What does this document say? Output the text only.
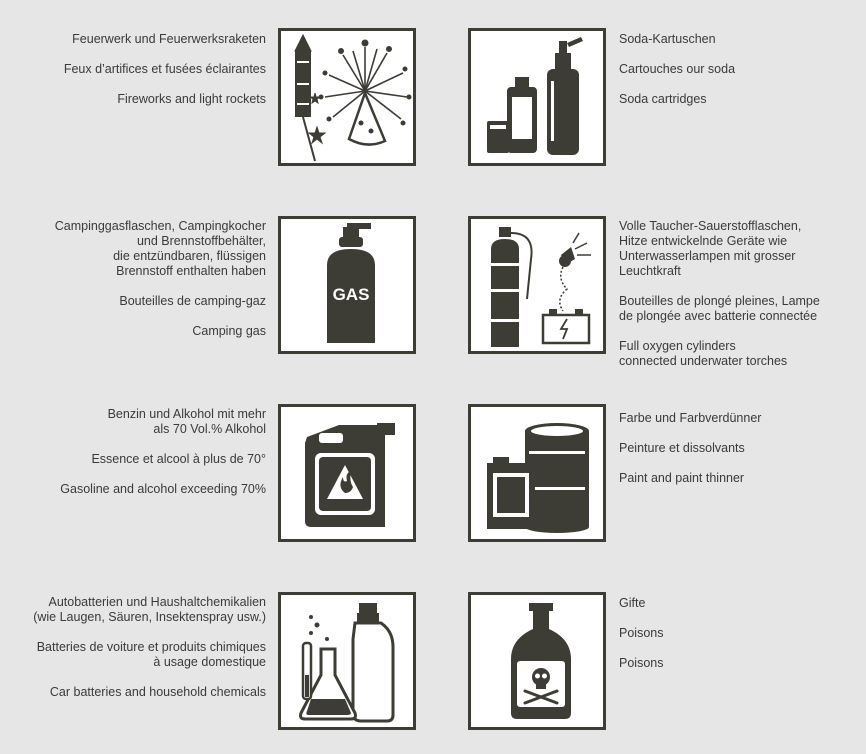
Feuerwerk und Feuerwerksraketen
Feux d’artifices et fusées éclairantes
Fireworks and light rockets
Soda-Kartuschen
Cartouches our soda
Soda cartridges
GAS
Campinggasflaschen, Campingkocher
und Brennstoffbehälter,
die entzündbaren, flüssigen
Brennstoff enthalten haben
Bouteilles de camping-gaz
Camping gas
Volle Taucher-Sauerstofflaschen,
Hitze entwickelnde Geräte wie
Unterwasserlampen mit grosser
Leuchtkraft
Bouteilles de plongé pleines, Lampe
de plongée avec batterie connectée
Full oxygen cylinders
connected underwater torches
Benzin und Alkohol mit mehr
als 70 Vol.% Alkohol
Essence et alcool à plus de 70°
Gasoline and alcohol exceeding 70%
Farbe und Farbverdünner
Peinture et dissolvants
Paint and paint thinner
Autobatterien und Haushaltchemikalien
(wie Laugen, Säuren, Insektenspray usw.)
Batteries de voiture et produits chimiques
à usage domestique
Car batteries and household chemicals
Gifte
Poisons
Poisons
